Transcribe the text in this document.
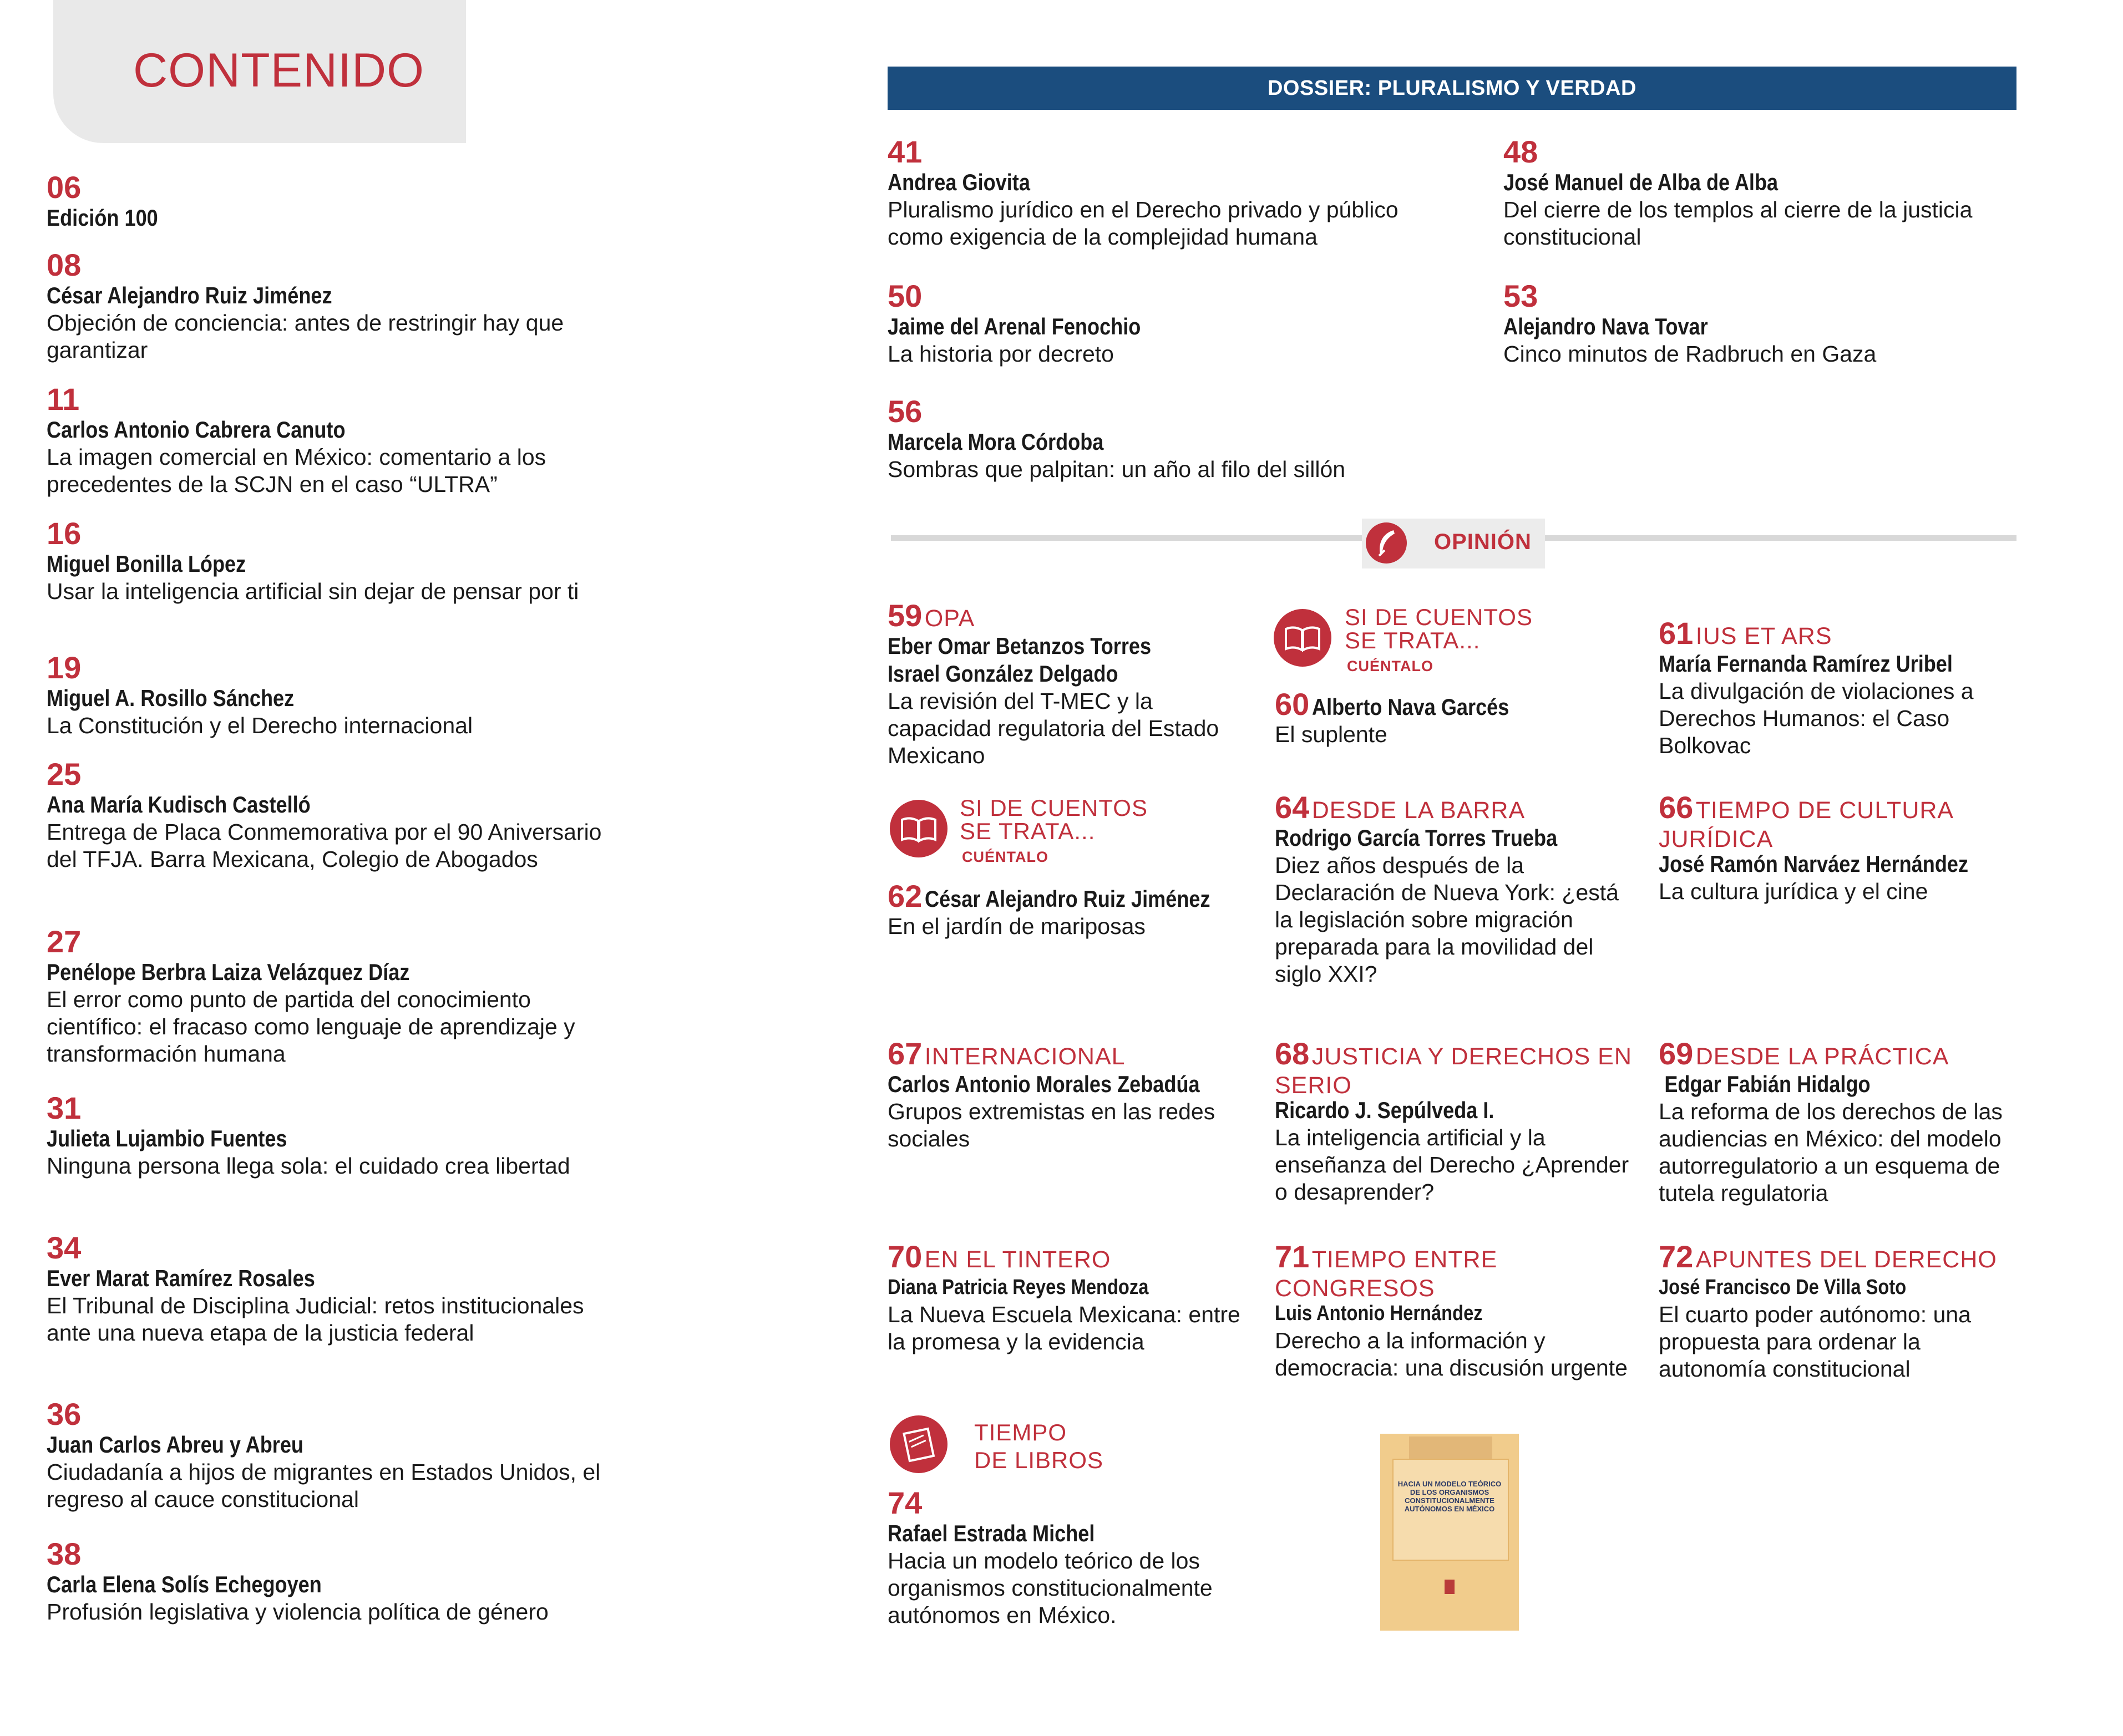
CONTENIDO
06
Edición 100
08
César Alejandro Ruiz Jiménez
Objeción de conciencia: antes de restringir hay que garantizar
11
Carlos Antonio Cabrera Canuto
La imagen comercial en México: comentario a los precedentes de la SCJN en el caso “ULTRA”
16
Miguel Bonilla López
Usar la inteligencia artificial sin dejar de pensar por ti
19
Miguel A. Rosillo Sánchez
La Constitución y el Derecho internacional
25
Ana María Kudisch Castelló
Entrega de Placa Conmemorativa por el 90 Aniversario del TFJA. Barra Mexicana, Colegio de Abogados
27
Penélope Berbra Laiza Velázquez Díaz
El error como punto de partida del conocimiento científico: el fracaso como lenguaje de aprendizaje y transformación humana
31
Julieta Lujambio Fuentes
Ninguna persona llega sola: el cuidado crea libertad
34
Ever Marat Ramírez Rosales
El Tribunal de Disciplina Judicial: retos institucionales ante una nueva etapa de la justicia federal
36
Juan Carlos Abreu y Abreu
Ciudadanía a hijos de migrantes en Estados Unidos, el regreso al cauce constitucional
38
Carla Elena Solís Echegoyen
Profusión legislativa y violencia política de género
DOSSIER: PLURALISMO Y VERDAD
41
Andrea Giovita
Pluralismo jurídico en el Derecho privado y público como exigencia de la complejidad humana
48
José Manuel de Alba de Alba
Del cierre de los templos al cierre de la justicia constitucional
50
Jaime del Arenal Fenochio
La historia por decreto
53
Alejandro Nava Tovar
Cinco minutos de Radbruch en Gaza
56
Marcela Mora Córdoba
Sombras que palpitan: un año al filo del sillón
OPINIÓN
59 OPA
Eber Omar Betanzos Torres
Israel González Delgado
La revisión del T-MEC y la capacidad regulatoria del Estado Mexicano
SI DE CUENTOS
SE TRATA...
CUÉNTALO
60 Alberto Nava Garcés
El suplente
61 IUS ET ARS
María Fernanda Ramírez Uribel
La divulgación de violaciones a Derechos Humanos: el Caso Bolkovac
SI DE CUENTOS
SE TRATA...
CUÉNTALO
62 César Alejandro Ruiz Jiménez
En el jardín de mariposas
64 DESDE LA BARRA
Rodrigo García Torres Trueba
Diez años después de la Declaración de Nueva York: ¿está la legislación sobre migración preparada para la movilidad del siglo XXI?
66 TIEMPO DE CULTURA
JURÍDICA
José Ramón Narváez Hernández
La cultura jurídica y el cine
67 INTERNACIONAL
Carlos Antonio Morales Zebadúa
Grupos extremistas en las redes sociales
68 JUSTICIA Y DERECHOS EN
SERIO
Ricardo J. Sepúlveda I.
La inteligencia artificial y la enseñanza del Derecho ¿Aprender o desaprender?
69 DESDE LA PRÁCTICA
Edgar Fabián Hidalgo
La reforma de los derechos de las audiencias en México: del modelo autorregulatorio a un esquema de tutela regulatoria
70 EN EL TINTERO
Diana Patricia Reyes Mendoza
La Nueva Escuela Mexicana: entre la promesa y la evidencia
71 TIEMPO ENTRE
CONGRESOS
Luis Antonio Hernández
Derecho a la información y democracia: una discusión urgente
72 APUNTES DEL DERECHO
José Francisco De Villa Soto
El cuarto poder autónomo: una propuesta para ordenar la autonomía constitucional
TIEMPO
DE LIBROS
74
Rafael Estrada Michel
Hacia un modelo teórico de los organismos constitucionalmente autónomos en México.
HACIA UN MODELO TEÓRICO DE LOS ORGANISMOS CONSTITUCIONALMENTE AUTÓNOMOS EN MÉXICO
